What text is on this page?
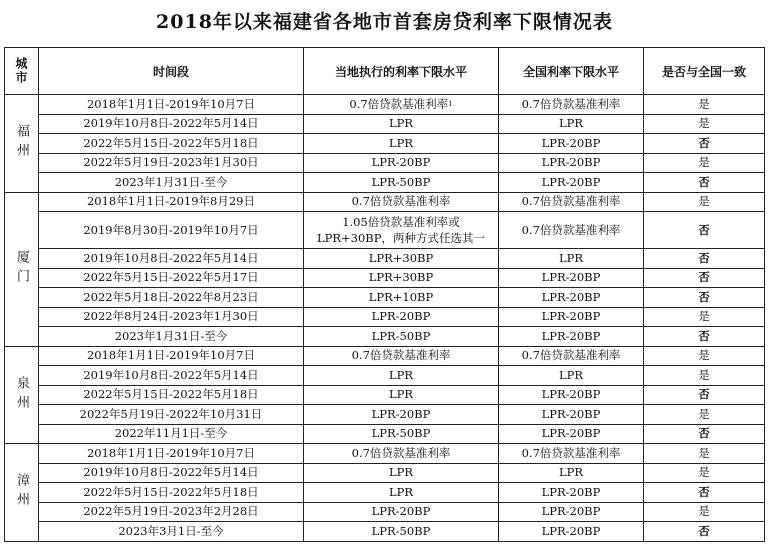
2018年以来福建省各地市首套房贷利率下限情况表
城市	时间段	当地执行的利率下限水平	全国利率下限水平	是否与全国一致
福州	2018年1月1日-2019年10月7日	0.7倍贷款基准利率$^1$	0.7倍贷款基准利率	是
	2019年10月8日-2022年5月14日	LPR	LPR	是
	2022年5月15日-2022年5月18日	LPR	LPR-20BP	否
	2022年5月19日-2023年1月30日	LPR-20BP	LPR-20BP	是
	2023年1月31日-至今	LPR-50BP	LPR-20BP	否
厦门	2018年1月1日-2019年8月29日	0.7倍贷款基准利率	0.7倍贷款基准利率	是
	2019年8月30日-2019年10月7日	1.05倍贷款基准利率或LPR+30BP，两种方式任选其一	0.7倍贷款基准利率	否
	2019年10月8日-2022年5月14日	LPR+30BP	LPR	否
	2022年5月15日-2022年5月17日	LPR+30BP	LPR-20BP	否
	2022年5月18日-2022年8月23日	LPR+10BP	LPR-20BP	否
	2022年8月24日-2023年1月30日	LPR-20BP	LPR-20BP	是
	2023年1月31日-至今	LPR-50BP	LPR-20BP	否
泉州	2018年1月1日-2019年10月7日	0.7倍贷款基准利率	0.7倍贷款基准利率	是
	2019年10月8日-2022年5月14日	LPR	LPR	是
	2022年5月15日-2022年5月18日	LPR	LPR-20BP	否
	2022年5月19日-2022年10月31日	LPR-20BP	LPR-20BP	是
	2022年11月1日-至今	LPR-50BP	LPR-20BP	否
漳州	2018年1月1日-2019年10月7日	0.7倍贷款基准利率	0.7倍贷款基准利率	是
	2019年10月8日-2022年5月14日	LPR	LPR	是
	2022年5月15日-2022年5月18日	LPR	LPR-20BP	否
	2022年5月19日-2023年2月28日	LPR-20BP	LPR-20BP	是
	2023年3月1日-至今	LPR-50BP	LPR-20BP	否
